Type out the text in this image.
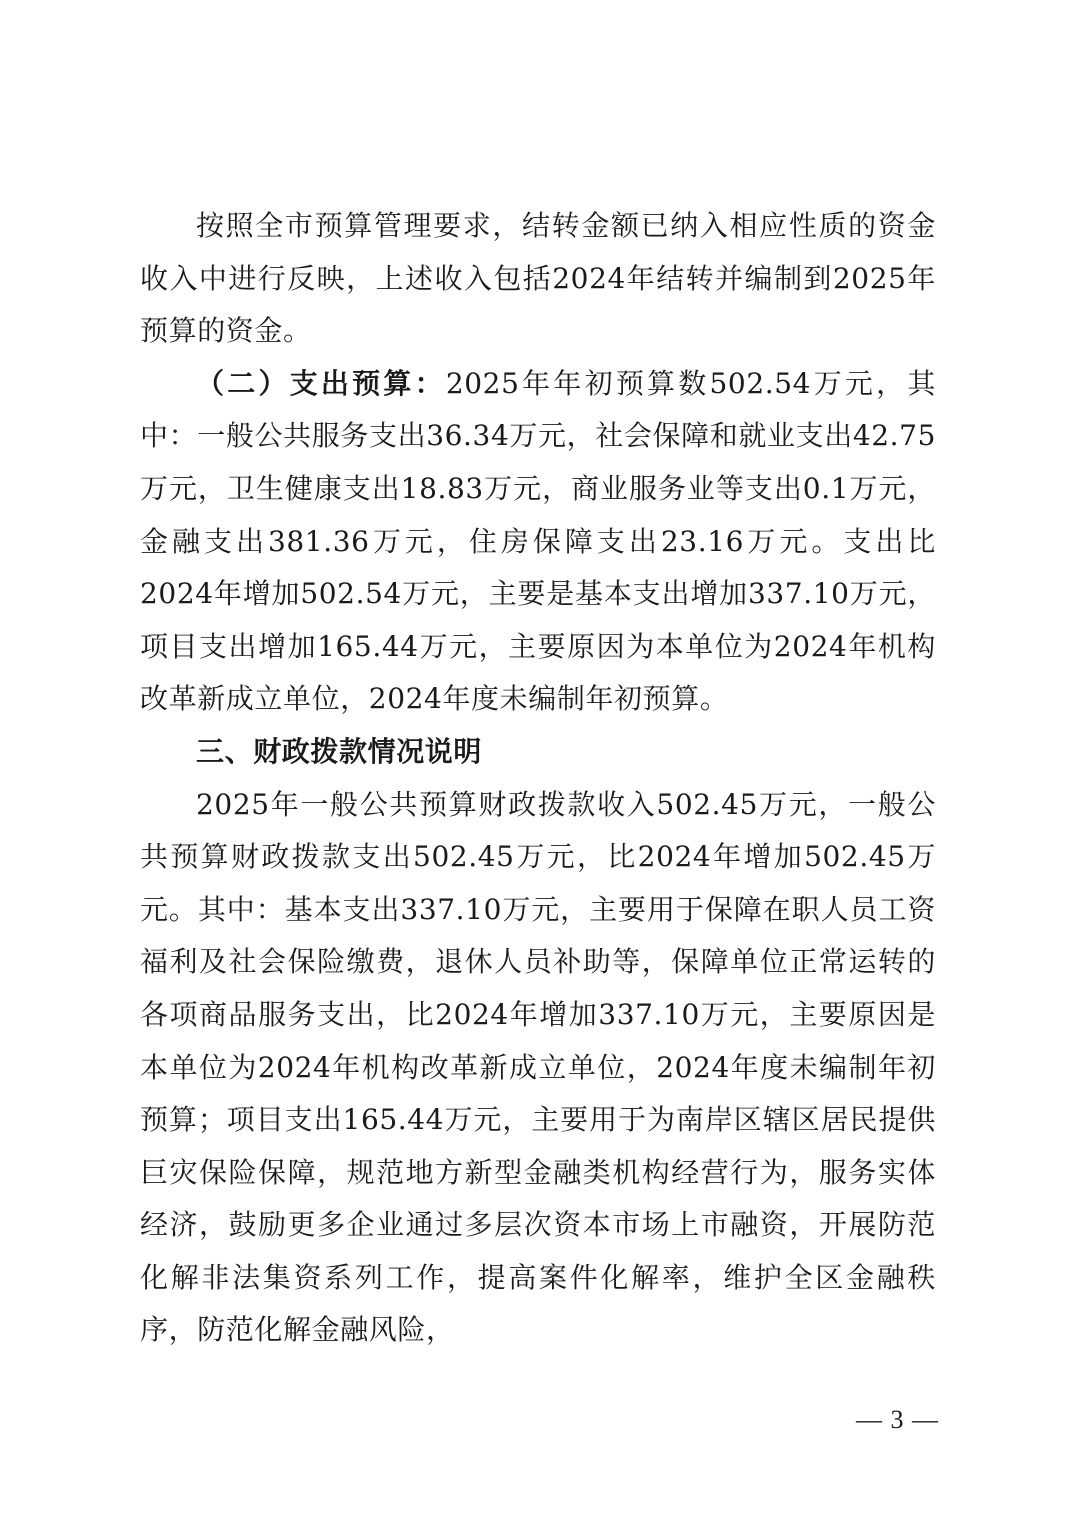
按照全市预算管理要求，结转金额已纳入相应性质的资金收入中进行反映，上述收入包括2024年结转并编制到2025年预算的资金。

（二）支出预算：2025年年初预算数502.54万元，其中：一般公共服务支出36.34万元，社会保障和就业支出42.75万元，卫生健康支出18.83万元，商业服务业等支出0.1万元，金融支出381.36万元，住房保障支出23.16万元。支出比2024年增加502.54万元，主要是基本支出增加337.10万元，项目支出增加165.44万元，主要原因为本单位为2024年机构改革新成立单位，2024年度未编制年初预算。

三、财政拨款情况说明

2025年一般公共预算财政拨款收入502.45万元，一般公共预算财政拨款支出502.45万元，比2024年增加502.45万元。其中：基本支出337.10万元，主要用于保障在职人员工资福利及社会保险缴费，退休人员补助等，保障单位正常运转的各项商品服务支出，比2024年增加337.10万元，主要原因是本单位为2024年机构改革新成立单位，2024年度未编制年初预算；项目支出165.44万元，主要用于为南岸区辖区居民提供巨灾保险保障，规范地方新型金融类机构经营行为，服务实体经济，鼓励更多企业通过多层次资本市场上市融资，开展防范化解非法集资系列工作，提高案件化解率，维护全区金融秩序，防范化解金融风险，

— 3 —
